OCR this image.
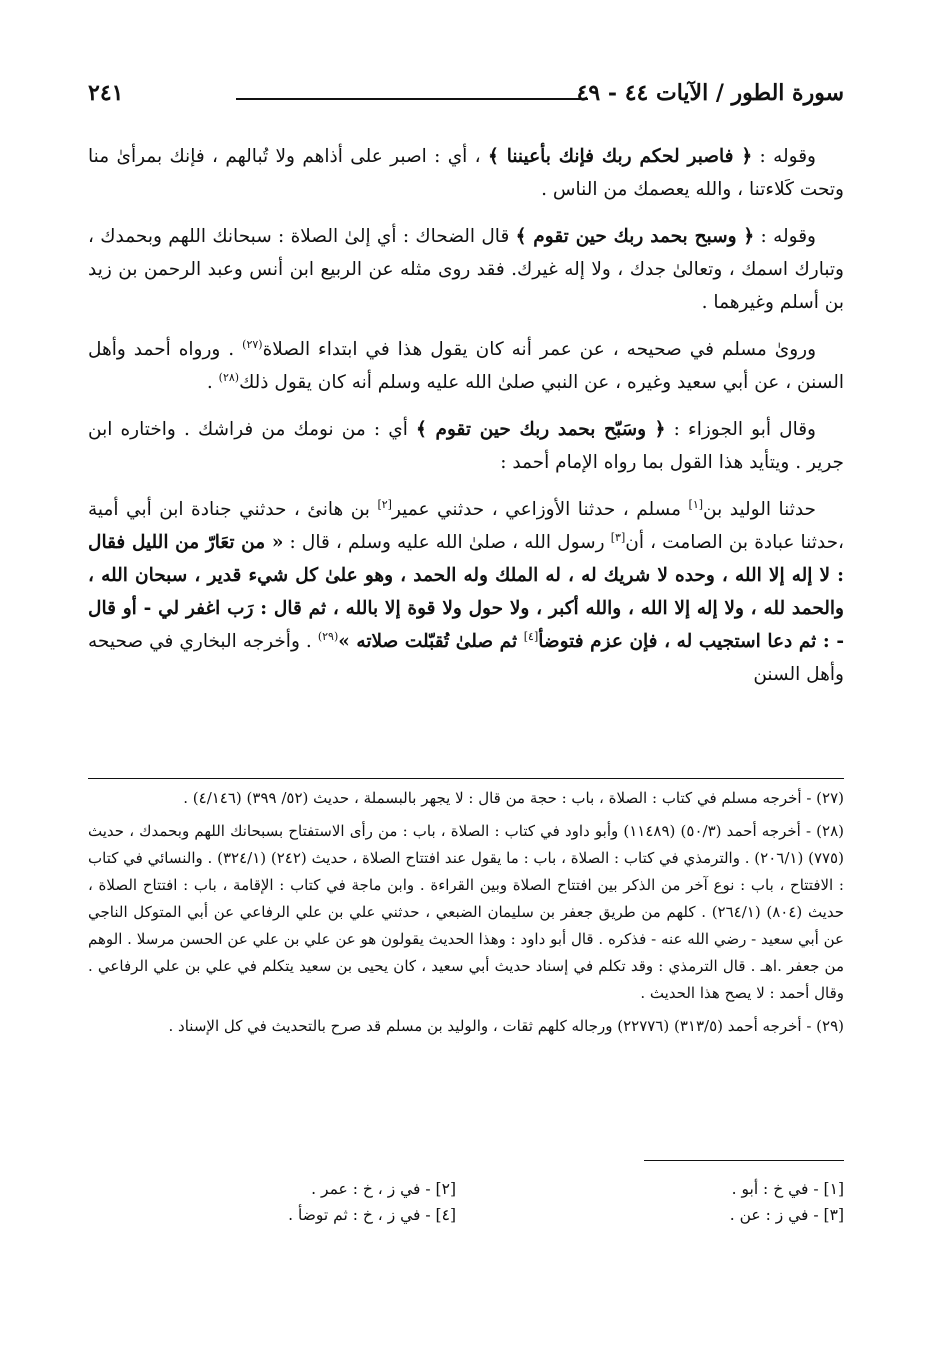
٢٤١	سورة الطور / الآيات ٤٤ - ٤٩

وقوله : ﴿ فاصبر لحكم ربك فإنك بأعيننا ﴾ ، أي : اصبر على أذاهم ولا تُبالهم ، فإنك بمرأىٰ منا وتحت كَلاءتنا ، والله يعصمك من الناس .

وقوله : ﴿ وسبح بحمد ربك حين تقوم ﴾ قال الضحاك : أي إلىٰ الصلاة : سبحانك اللهم وبحمدك ، وتبارك اسمك ، وتعالىٰ جدك ، ولا إله غيرك. فقد روى مثله عن الربيع ابن أنس وعبد الرحمن بن زيد بن أسلم وغيرهما .

وروىٰ مسلم في صحيحه ، عن عمر أنه كان يقول هذا في ابتداء الصلاة$^{(٢٧)}$ . ورواه أحمد وأهل السنن ، عن أبي سعيد وغيره ، عن النبي صلىٰ الله عليه وسلم أنه كان يقول ذلك$^{(٢٨)}$ .

وقال أبو الجوزاء : ﴿ وسَبّح بحمد ربك حين تقوم ﴾ أي : من نومك من فراشك . واختاره ابن جرير . ويتأيد هذا القول بما رواه الإمام أحمد :

حدثنا الوليد بن[١] مسلم ، حدثنا الأوزاعي ، حدثني عمير[٢] بن هانئ ، حدثني جنادة ابن أبي أمية ،حدثنا عبادة بن الصامت ، أن[٣] رسول الله ، صلىٰ الله عليه وسلم ، قال : « من تعَارّ من الليل فقال : لا إله إلا الله ، وحده لا شريك له ، له الملك وله الحمد ، وهو علىٰ كل شيء قدير ، سبحان الله ، والحمد لله ، ولا إله إلا الله ، والله أكبر ، ولا حول ولا قوة إلا بالله ، ثم قال : رَب اغفر لي - أو قال - : ثم دعا استجيب له ، فإن عزم فتوضأ[٤] ثم صلىٰ تُقبّلت صلاته »$^{(٢٩)}$ . وأخرجه البخاري في صحيحه وأهل السنن

(٢٧) - أخرجه مسلم في كتاب : الصلاة ، باب : حجة من قال : لا يجهر بالبسملة ، حديث (٥٢/ ٣٩٩) (٤/١٤٦) .

(٢٨) - أخرجه أحمد (٥٠/٣) (١١٤٨٩) وأبو داود في كتاب : الصلاة ، باب : من رأى الاستفتاح بسبحانك اللهم وبحمدك ، حديث (٧٧٥) (٢٠٦/١) . والترمذي في كتاب : الصلاة ، باب : ما يقول عند افتتاح الصلاة ، حديث (٢٤٢) (٣٢٤/١) . والنسائي في كتاب : الافتتاح ، باب : نوع آخر من الذكر بين افتتاح الصلاة وبين القراءة . وابن ماجة في كتاب : الإقامة ، باب : افتتاح الصلاة ، حديث (٨٠٤) (٢٦٤/١) . كلهم من طريق جعفر بن سليمان الضبعي ، حدثني علي بن علي الرفاعي عن أبي المتوكل الناجي عن أبي سعيد - رضي الله عنه - فذكره . قال أبو داود : وهذا الحديث يقولون هو عن علي بن علي عن الحسن مرسلا . الوهم من جعفر .اهـ . قال الترمذي : وقد تكلم في إسناد حديث أبي سعيد ، كان يحيى بن سعيد يتكلم في علي بن علي الرفاعي . وقال أحمد : لا يصح هذا الحديث .

(٢٩) - أخرجه أحمد (٣١٣/٥) (٢٢٧٧٦) ورجاله كلهم ثقات ، والوليد بن مسلم قد صرح بالتحديث في كل الإسناد .

[١] - في خ : أبو .
[٢] - في ز ، خ : عمر .
[٣] - في ز : عن .
[٤] - في ز ، خ : ثم توضأ .
